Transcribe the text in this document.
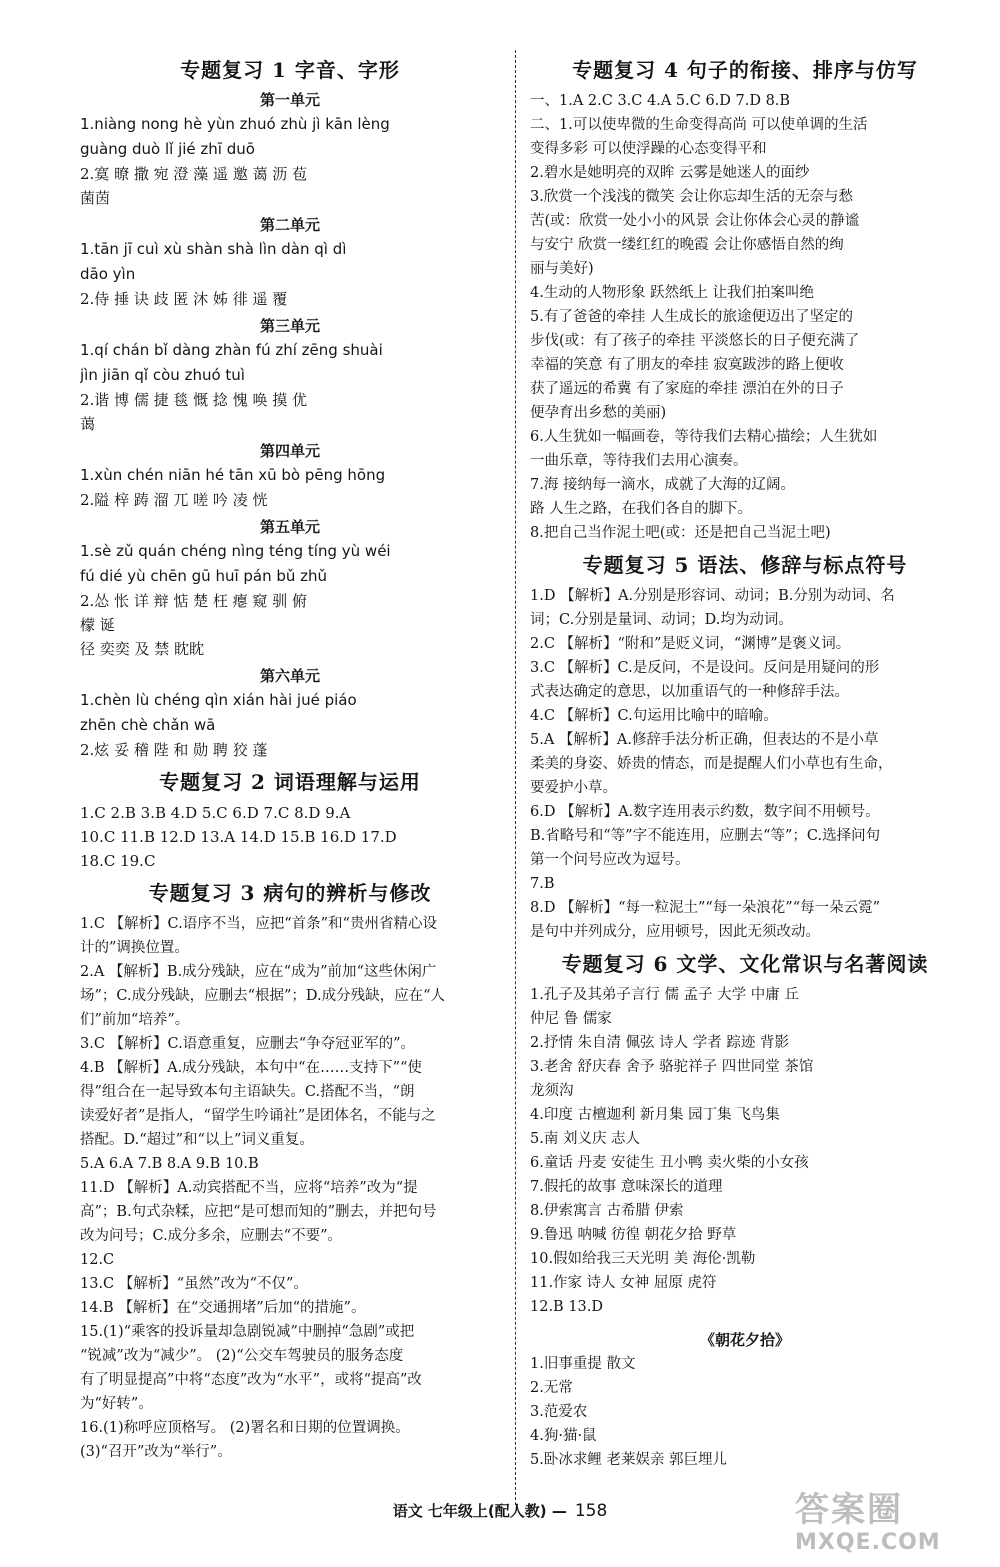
专题复习 1 字音、字形
第一单元
1.niàng nong hè yùn zhuó zhù jì kān lèng
guàng duò lǐ jié zhī duō
2.寞 暸 撒 宛 澄 藻 遥 邀 蔼 沥 苞
菌茵
第二单元
1.tān jī cuì xù shàn shà lìn dàn qì dì
dāo yìn
2.侍 捶 诀 歧 匿 沐 姊 徘 遥 覆
第三单元
1.qí chán bǐ dàng zhàn fú zhí zēng shuài
jìn jiān qǐ còu zhuó tuì
2.谐 博 儒 捷 毯 慨 捻 愧 唤 摸 优
蔼
第四单元
1.xùn chén niān hé tān xū bò pēng hōng
2.隘 梓 踌 溜 兀 嗟 吟 凌 恍
第五单元
1.sè zǔ quán chéng nìng téng tíng yù wéi
fú dié yù chēn gū huī pán bǔ zhǔ
2.怂 怅 详 辩 惦 楚 枉 瘪 窥 驯 俯
檬 诞
径 奕奕 及 禁 眈眈
第六单元
1.chèn lù chéng qìn xián hài jué piáo
zhēn chè chǎn wā
2.炫 妥 稽 陛 和 勋 聘 狡 蓬
专题复习 2 词语理解与运用
1.C 2.B 3.B 4.D 5.C 6.D 7.C 8.D 9.A
10.C 11.B 12.D 13.A 14.D 15.B 16.D 17.D
18.C 19.C
专题复习 3 病句的辨析与修改
1.C 【解析】C.语序不当，应把“首条”和“贵州省精心设
计的”调换位置。
2.A 【解析】B.成分残缺，应在“成为”前加“这些休闲广
场”；C.成分残缺，应删去“根据”；D.成分残缺，应在“人
们”前加“培养”。
3.C 【解析】C.语意重复，应删去“争夺冠亚军的”。
4.B 【解析】A.成分残缺，本句中“在……支持下”“使
得”组合在一起导致本句主语缺失。C.搭配不当，“朗
读爱好者”是指人，“留学生吟诵社”是团体名，不能与之
搭配。D.“超过”和“以上”词义重复。
5.A 6.A 7.B 8.A 9.B 10.B
11.D 【解析】A.动宾搭配不当，应将“培养”改为“提
高”；B.句式杂糅，应把“是可想而知的”删去，并把句号
改为问号；C.成分多余，应删去“不要”。
12.C
13.C 【解析】“虽然”改为“不仅”。
14.B 【解析】在“交通拥堵”后加“的措施”。
15.(1)“乘客的投诉量却急剧锐减”中删掉“急剧”或把
“锐减”改为“减少”。 (2)“公交车驾驶员的服务态度
有了明显提高”中将“态度”改为“水平”，或将“提高”改
为“好转”。
16.(1)称呼应顶格写。 (2)署名和日期的位置调换。
(3)“召开”改为“举行”。
专题复习 4 句子的衔接、排序与仿写
一、1.A 2.C 3.C 4.A 5.C 6.D 7.D 8.B
二、1.可以使卑微的生命变得高尚 可以使单调的生活
变得多彩 可以使浮躁的心态变得平和
2.碧水是她明亮的双眸 云雾是她迷人的面纱
3.欣赏一个浅浅的微笑 会让你忘却生活的无奈与愁
苦(或：欣赏一处小小的风景 会让你体会心灵的静谧
与安宁 欣赏一缕红红的晚霞 会让你感悟自然的绚
丽与美好)
4.生动的人物形象 跃然纸上 让我们拍案叫绝
5.有了爸爸的牵挂 人生成长的旅途便迈出了坚定的
步伐(或：有了孩子的牵挂 平淡悠长的日子便充满了
幸福的笑意 有了朋友的牵挂 寂寞跋涉的路上便收
获了遥远的希冀 有了家庭的牵挂 漂泊在外的日子
便孕育出乡愁的美丽)
6.人生犹如一幅画卷，等待我们去精心描绘；人生犹如
一曲乐章，等待我们去用心演奏。
7.海 接纳每一滴水，成就了大海的辽阔。
路 人生之路，在我们各自的脚下。
8.把自己当作泥土吧(或：还是把自己当泥土吧)
专题复习 5 语法、修辞与标点符号
1.D 【解析】A.分别是形容词、动词；B.分别为动词、名
词；C.分别是量词、动词；D.均为动词。
2.C 【解析】“附和”是贬义词，“渊博”是褒义词。
3.C 【解析】C.是反问，不是设问。反问是用疑问的形
式表达确定的意思，以加重语气的一种修辞手法。
4.C 【解析】C.句运用比喻中的暗喻。
5.A 【解析】A.修辞手法分析正确，但表达的不是小草
柔美的身姿、娇贵的情态，而是提醒人们小草也有生命，
要爱护小草。
6.D 【解析】A.数字连用表示约数，数字间不用顿号。
B.省略号和“等”字不能连用，应删去“等”；C.选择问句
第一个问号应改为逗号。
7.B
8.D 【解析】“每一粒泥土”“每一朵浪花”“每一朵云霓”
是句中并列成分，应用顿号，因此无须改动。
专题复习 6 文学、文化常识与名著阅读
1.孔子及其弟子言行 儒 孟子 大学 中庸 丘
仲尼 鲁 儒家
2.抒情 朱自清 佩弦 诗人 学者 踪迹 背影
3.老舍 舒庆春 舍予 骆驼祥子 四世同堂 茶馆
龙须沟
4.印度 古檀迦利 新月集 园丁集 飞鸟集
5.南 刘义庆 志人
6.童话 丹麦 安徒生 丑小鸭 卖火柴的小女孩
7.假托的故事 意味深长的道理
8.伊索寓言 古希腊 伊索
9.鲁迅 呐喊 彷徨 朝花夕拾 野草
10.假如给我三天光明 美 海伦·凯勒
11.作家 诗人 女神 屈原 虎符
12.B 13.D
《朝花夕拾》
1.旧事重提 散文
2.无常
3.范爱农
4.狗·猫·鼠
5.卧冰求鲤 老莱娱亲 郭巨埋儿
语文 七年级上(配人教) — 158	答案圈
MXQE.COM
